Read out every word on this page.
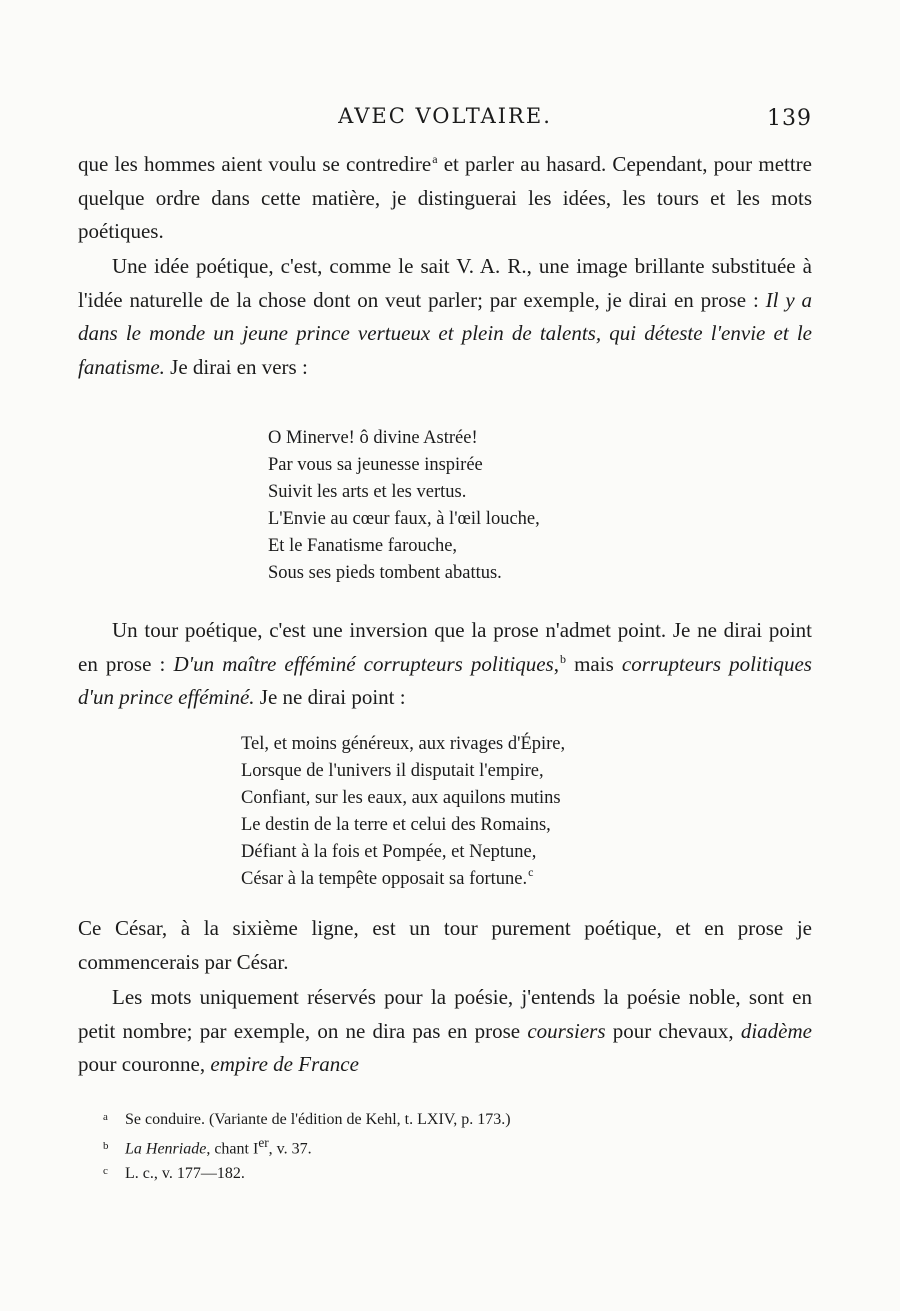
AVEC VOLTAIRE.	139

que les hommes aient voulu se contredire$^a$ et parler au hasard. Cependant, pour mettre quelque ordre dans cette matière, je distinguerai les idées, les tours et les mots poétiques.

Une idée poétique, c'est, comme le sait V. A. R., une image brillante substituée à l'idée naturelle de la chose dont on veut parler; par exemple, je dirai en prose : Il y a dans le monde un jeune prince vertueux et plein de talents, qui déteste l'envie et le fanatisme. Je dirai en vers :

O Minerve! ô divine Astrée!
Par vous sa jeunesse inspirée
Suivit les arts et les vertus.
L'Envie au cœur faux, à l'œil louche,
Et le Fanatisme farouche,
Sous ses pieds tombent abattus.

Un tour poétique, c'est une inversion que la prose n'admet point. Je ne dirai point en prose : D'un maître efféminé corrupteurs politiques,$^b$ mais corrupteurs politiques d'un prince efféminé. Je ne dirai point :

Tel, et moins généreux, aux rivages d'Épire,
Lorsque de l'univers il disputait l'empire,
Confiant, sur les eaux, aux aquilons mutins
Le destin de la terre et celui des Romains,
Défiant à la fois et Pompée, et Neptune,
César à la tempête opposait sa fortune.$^c$

Ce César, à la sixième ligne, est un tour purement poétique, et en prose je commencerais par César.

Les mots uniquement réservés pour la poésie, j'entends la poésie noble, sont en petit nombre; par exemple, on ne dira pas en prose coursiers pour chevaux, diadème pour couronne, empire de France

a Se conduire. (Variante de l'édition de Kehl, t. LXIV, p. 173.)
b La Henriade, chant Ier, v. 37.
c L. c., v. 177—182.
